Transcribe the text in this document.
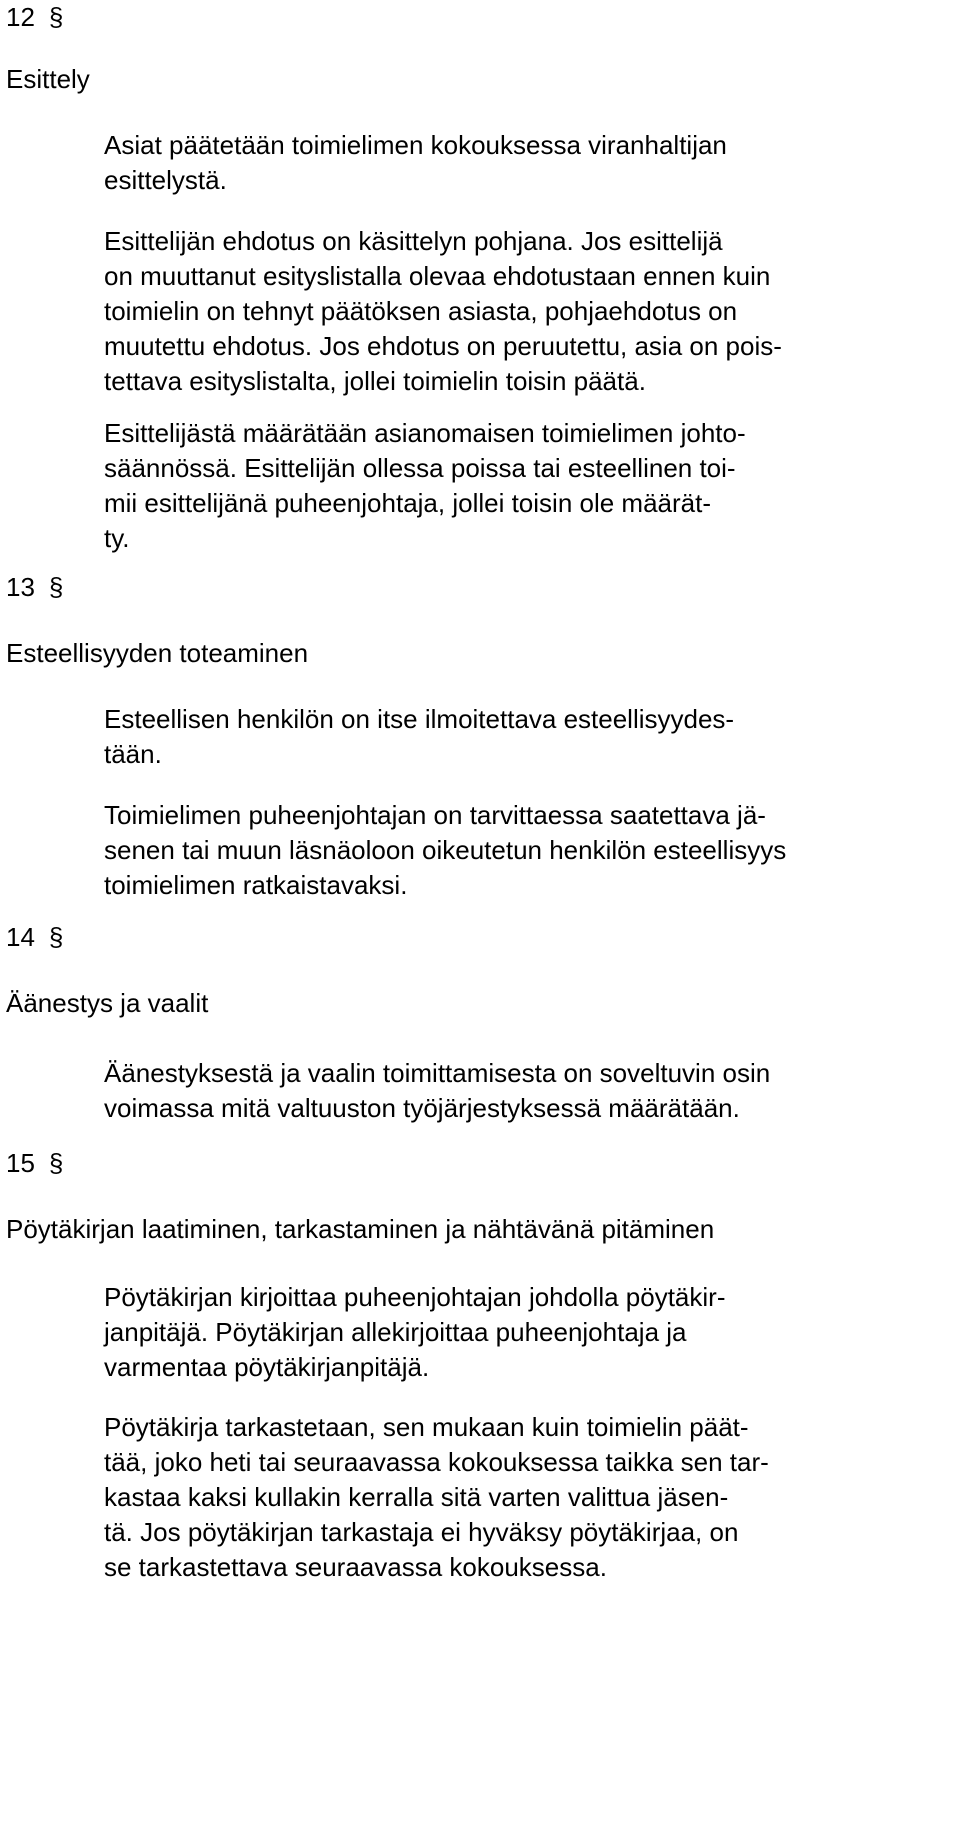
12 §
Esittely

Asiat päätetään toimielimen kokouksessa viranhaltijan
esittelystä.

Esittelijän ehdotus on käsittelyn pohjana. Jos esittelijä
on muuttanut esityslistalla olevaa ehdotustaan ennen kuin
toimielin on tehnyt päätöksen asiasta, pohjaehdotus on
muutettu ehdotus. Jos ehdotus on peruutettu, asia on pois-
tettava esityslistalta, jollei toimielin toisin päätä.

Esittelijästä määrätään asianomaisen toimielimen johto-
säännössä. Esittelijän ollessa poissa tai esteellinen toi-
mii esittelijänä puheenjohtaja, jollei toisin ole määrät-
ty.

13 §
Esteellisyyden toteaminen

Esteellisen henkilön on itse ilmoitettava esteellisyydes-
tään.

Toimielimen puheenjohtajan on tarvittaessa saatettava jä-
senen tai muun läsnäoloon oikeutetun henkilön esteellisyys
toimielimen ratkaistavaksi.

14 §
Äänestys ja vaalit

Äänestyksestä ja vaalin toimittamisesta on soveltuvin osin
voimassa mitä valtuuston työjärjestyksessä määrätään.

15 §
Pöytäkirjan laatiminen, tarkastaminen ja nähtävänä pitäminen

Pöytäkirjan kirjoittaa puheenjohtajan johdolla pöytäkir-
janpitäjä. Pöytäkirjan allekirjoittaa puheenjohtaja ja
varmentaa pöytäkirjanpitäjä.

Pöytäkirja tarkastetaan, sen mukaan kuin toimielin päät-
tää, joko heti tai seuraavassa kokouksessa taikka sen tar-
kastaa kaksi kullakin kerralla sitä varten valittua jäsen-
tä. Jos pöytäkirjan tarkastaja ei hyväksy pöytäkirjaa, on
se tarkastettava seuraavassa kokouksessa.
